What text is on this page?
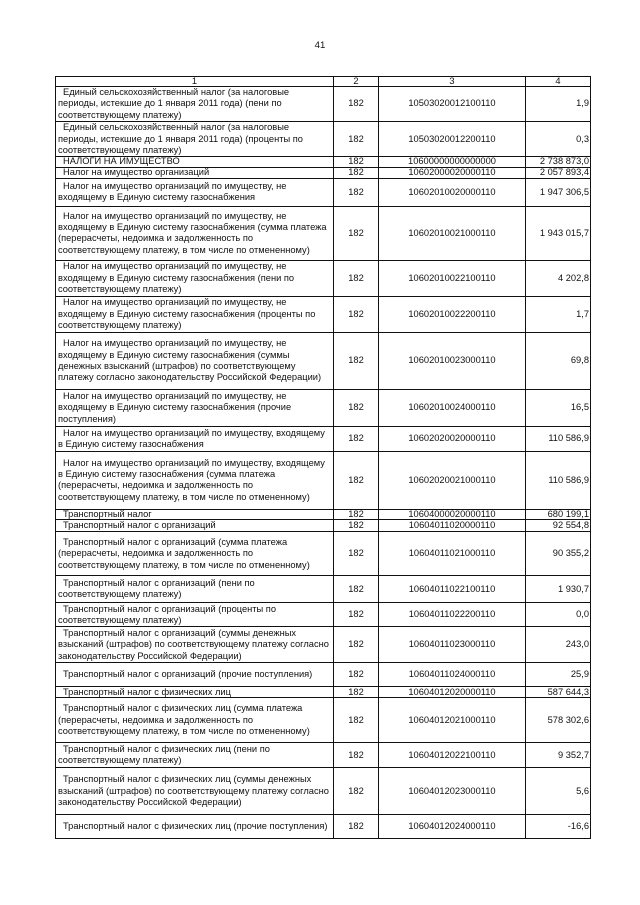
41
1	2	3	4
Единый сельскохозяйственный налог (за налоговые периоды, истекшие до 1 января 2011 года) (пени по соответствующему платежу)	182	10503020012100110	1,9
Единый сельскохозяйственный налог (за налоговые периоды, истекшие до 1 января 2011 года) (проценты по соответствующему платежу)	182	10503020012200110	0,3
НАЛОГИ НА ИМУЩЕСТВО	182	10600000000000000	2 738 873,0
Налог на имущество организаций	182	10602000020000110	2 057 893,4
Налог на имущество организаций по имуществу, не входящему в Единую систему газоснабжения	182	10602010020000110	1 947 306,5
Налог на имущество организаций по имуществу, не входящему в Единую систему газоснабжения (сумма платежа (перерасчеты, недоимка и задолженность по соответствующему платежу, в том числе по отмененному)	182	10602010021000110	1 943 015,7
Налог на имущество организаций по имуществу, не входящему в Единую систему газоснабжения (пени по соответствующему платежу)	182	10602010022100110	4 202,8
Налог на имущество организаций по имуществу, не входящему в Единую систему газоснабжения (проценты по соответствующему платежу)	182	10602010022200110	1,7
Налог на имущество организаций по имуществу, не входящему в Единую систему газоснабжения (суммы денежных взысканий (штрафов) по соответствующему платежу согласно законодательству Российской Федерации)	182	10602010023000110	69,8
Налог на имущество организаций по имуществу, не входящему в Единую систему газоснабжения (прочие поступления)	182	10602010024000110	16,5
Налог на имущество организаций по имуществу, входящему в Единую систему газоснабжения	182	10602020020000110	110 586,9
Налог на имущество организаций по имуществу, входящему в Единую систему газоснабжения (сумма платежа (перерасчеты, недоимка и задолженность по соответствующему платежу, в том числе по отмененному)	182	10602020021000110	110 586,9
Транспортный налог	182	10604000020000110	680 199,1
Транспортный налог с организаций	182	10604011020000110	92 554,8
Транспортный налог с организаций (сумма платежа (перерасчеты, недоимка и задолженность по соответствующему платежу, в том числе по отмененному)	182	10604011021000110	90 355,2
Транспортный налог с организаций (пени по соответствующему платежу)	182	10604011022100110	1 930,7
Транспортный налог с организаций (проценты по соответствующему платежу)	182	10604011022200110	0,0
Транспортный налог с организаций (суммы денежных взысканий (штрафов) по соответствующему платежу согласно законодательству Российской Федерации)	182	10604011023000110	243,0
Транспортный налог с организаций (прочие поступления)	182	10604011024000110	25,9
Транспортный налог с физических лиц	182	10604012020000110	587 644,3
Транспортный налог с физических лиц (сумма платежа (перерасчеты, недоимка и задолженность по соответствующему платежу, в том числе по отмененному)	182	10604012021000110	578 302,6
Транспортный налог с физических лиц (пени по соответствующему платежу)	182	10604012022100110	9 352,7
Транспортный налог с физических лиц (суммы денежных взысканий (штрафов) по соответствующему платежу согласно законодательству Российской Федерации)	182	10604012023000110	5,6
Транспортный налог с физических лиц (прочие поступления)	182	10604012024000110	-16,6
